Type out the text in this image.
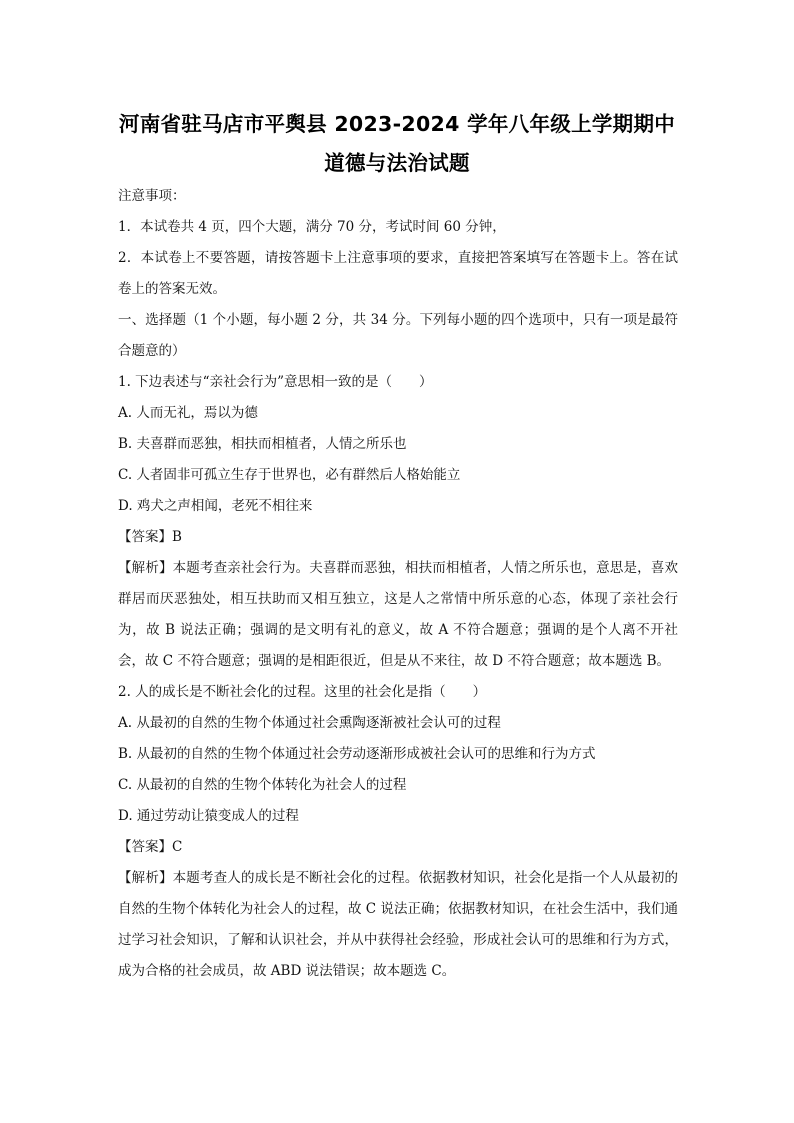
河南省驻马店市平舆县 2023-2024 学年八年级上学期期中
道德与法治试题

注意事项：

1．本试卷共 4 页，四个大题，满分 70 分，考试时间 60 分钟，

2．本试卷上不要答题，请按答题卡上注意事项的要求，直接把答案填写在答题卡上。答在试卷上的答案无效。

一、选择题（1 个小题，每小题 2 分，共 34 分。下列每小题的四个选项中，只有一项是最符合题意的）

1. 下边表述与“亲社会行为”意思相一致的是（　　）

A. 人而无礼，焉以为德

B. 夫喜群而恶独，相扶而相植者，人情之所乐也

C. 人者固非可孤立生存于世界也，必有群然后人格始能立

D. 鸡犬之声相闻，老死不相往来

【答案】B

【解析】本题考查亲社会行为。夫喜群而恶独，相扶而相植者，人情之所乐也，意思是，喜欢群居而厌恶独处，相互扶助而又相互独立，这是人之常情中所乐意的心态，体现了亲社会行为，故 B 说法正确；强调的是文明有礼的意义，故 A 不符合题意；强调的是个人离不开社会，故 C 不符合题意；强调的是相距很近，但是从不来往，故 D 不符合题意；故本题选 B。

2. 人的成长是不断社会化的过程。这里的社会化是指（　　）

A. 从最初的自然的生物个体通过社会熏陶逐渐被社会认可的过程

B. 从最初的自然的生物个体通过社会劳动逐渐形成被社会认可的思维和行为方式

C. 从最初的自然的生物个体转化为社会人的过程

D. 通过劳动让猿变成人的过程

【答案】C

【解析】本题考查人的成长是不断社会化的过程。依据教材知识，社会化是指一个人从最初的自然的生物个体转化为社会人的过程，故 C 说法正确；依据教材知识，在社会生活中，我们通过学习社会知识，了解和认识社会，并从中获得社会经验，形成社会认可的思维和行为方式，成为合格的社会成员，故 ABD 说法错误；故本题选 C。
